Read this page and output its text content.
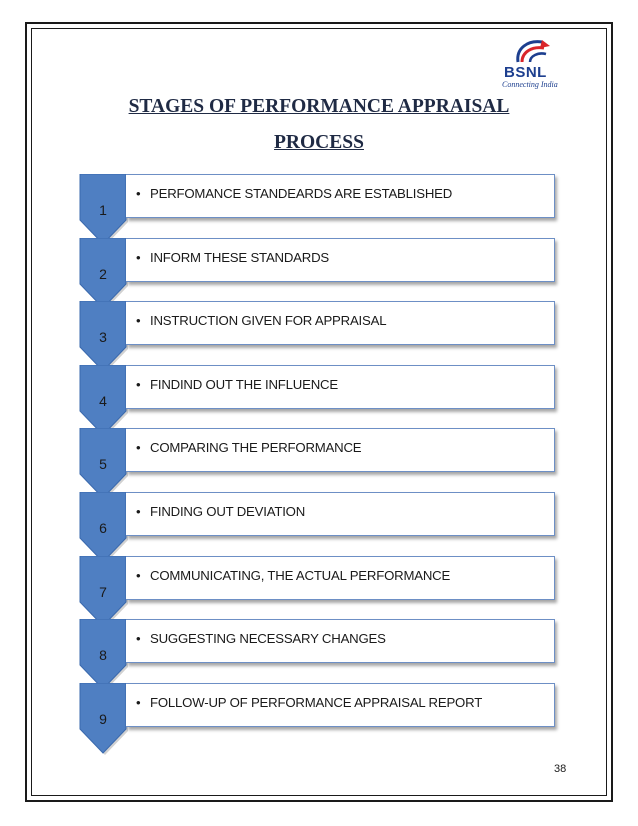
BSNL
Connecting India
STAGES OF PERFORMANCE APPRAISAL
PROCESS
1
• PERFOMANCE STANDEARDS ARE ESTABLISHED
2
• INFORM THESE STANDARDS
3
• INSTRUCTION GIVEN FOR APPRAISAL
4
• FINDIND OUT THE INFLUENCE
5
• COMPARING THE PERFORMANCE
6
• FINDING OUT DEVIATION
7
• COMMUNICATING, THE ACTUAL PERFORMANCE
8
• SUGGESTING NECESSARY CHANGES
9
• FOLLOW-UP OF PERFORMANCE APPRAISAL REPORT
38
